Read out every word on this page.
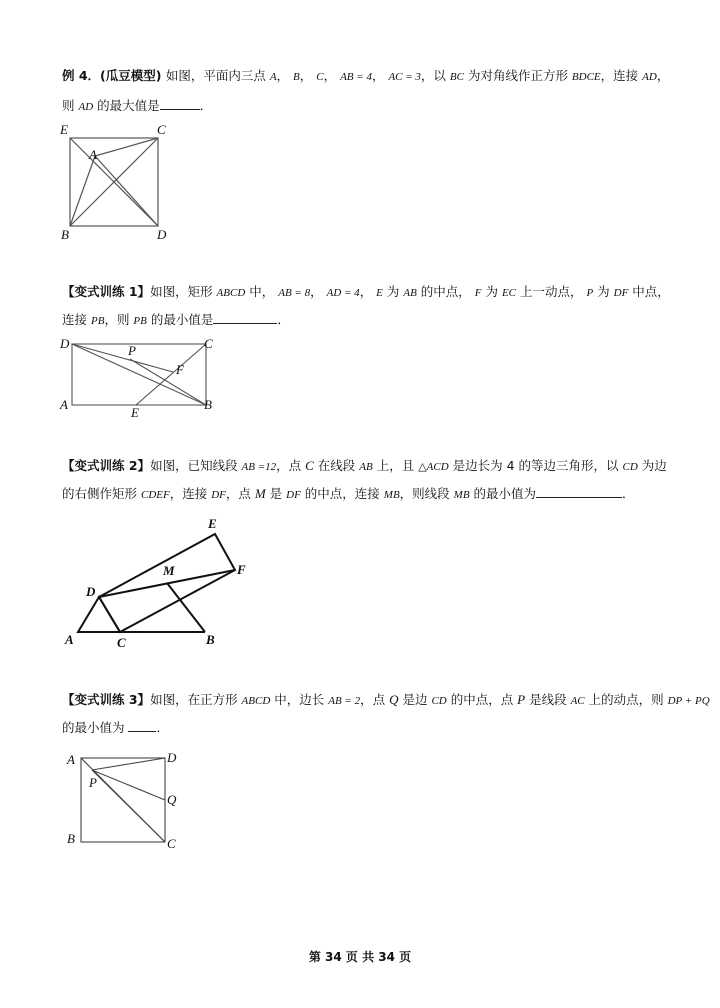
例 4．(瓜豆模型) 如图，平面内三点 A， B， C， AB = 4， AC = 3，以 BC 为对角线作正方形 BDCE，连接 AD，
则 AD 的最大值是	．
E	C
A
B	D
【变式训练 1】如图，矩形 ABCD 中， AB = 8， AD = 4， E 为 AB 的中点， F 为 EC 上一动点， P 为 DF 中点，
连接 PB，则 PB 的最小值是	．
D	P	C
F
A
E
B
【变式训练 2】如图，已知线段 AB =12，点 C 在线段 AB 上，且 △ACD 是边长为 4 的等边三角形，以 CD 为边
的右侧作矩形 CDEF，连接 DF，点 M 是 DF 的中点，连接 MB，则线段 MB 的最小值为	．
E
M	F
D
A	C	B
【变式训练 3】如图，在正方形 ABCD 中，边长 AB = 2，点 Q 是边 CD 的中点，点 P 是线段 AC 上的动点，则 DP + PQ
的最小值为 ．
A	D
P
Q
B	C
第 34 页 共 34 页
